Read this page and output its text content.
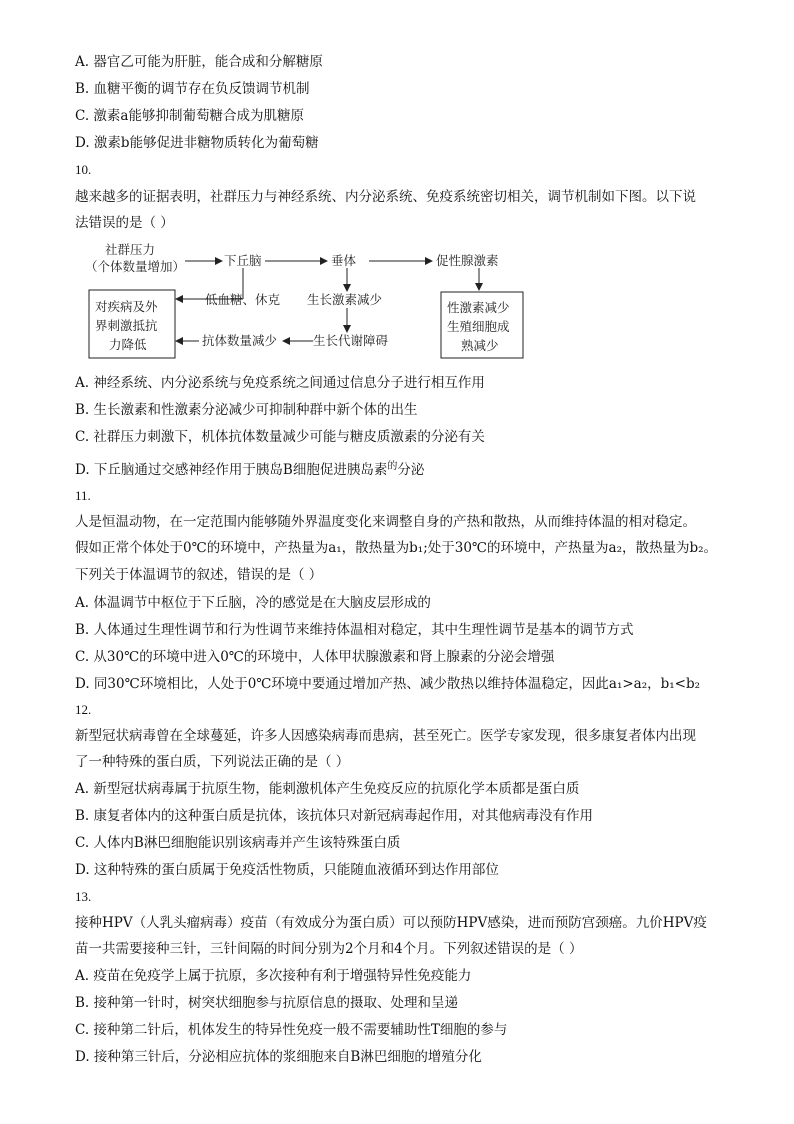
A. 器官乙可能为肝脏，能合成和分解糖原
B. 血糖平衡的调节存在负反馈调节机制
C. 激素a能够抑制葡萄糖合成为肌糖原
D. 激素b能够促进非糖物质转化为葡萄糖
10.
越来越多的证据表明，社群压力与神经系统、内分泌系统、免疫系统密切相关，调节机制如下图。以下说
法错误的是（ ）
社群压力
（个体数量增加）	下丘脑	垂体	促性腺激素
低血糖、休克 生长激素减少
对疾病及外
界刺激抵抗
力降低	抗体数量减少	生长代谢障碍
性激素减少
生殖细胞成
熟减少
A. 神经系统、内分泌系统与免疫系统之间通过信息分子进行相互作用
B. 生长激素和性激素分泌减少可抑制种群中新个体的出生
C. 社群压力刺激下，机体抗体数量减少可能与糖皮质激素的分泌有关
D. 下丘脑通过交感神经作用于胰岛B细胞促进胰岛素$^的$分泌
11.
人是恒温动物，在一定范围内能够随外界温度变化来调整自身的产热和散热，从而维持体温的相对稳定。
假如正常个体处于0℃的环境中，产热量为a₁，散热量为b₁;处于30℃的环境中，产热量为a₂，散热量为b₂。
下列关于体温调节的叙述，错误的是（ ）
A. 体温调节中枢位于下丘脑，冷的感觉是在大脑皮层形成的
B. 人体通过生理性调节和行为性调节来维持体温相对稳定，其中生理性调节是基本的调节方式
C. 从30℃的环境中进入0℃的环境中，人体甲状腺激素和肾上腺素的分泌会增强
D. 同30℃环境相比，人处于0℃环境中要通过增加产热、减少散热以维持体温稳定，因此a₁>a₂，b₁<b₂
12.
新型冠状病毒曾在全球蔓延，许多人因感染病毒而患病，甚至死亡。医学专家发现，很多康复者体内出现
了一种特殊的蛋白质，下列说法正确的是（ ）
A. 新型冠状病毒属于抗原生物，能刺激机体产生免疫反应的抗原化学本质都是蛋白质
B. 康复者体内的这种蛋白质是抗体，该抗体只对新冠病毒起作用，对其他病毒没有作用
C. 人体内B淋巴细胞能识别该病毒并产生该特殊蛋白质
D. 这种特殊的蛋白质属于免疫活性物质，只能随血液循环到达作用部位
13.
接种HPV（人乳头瘤病毒）疫苗（有效成分为蛋白质）可以预防HPV感染，进而预防宫颈癌。九价HPV疫
苗一共需要接种三针，三针间隔的时间分别为2个月和4个月。下列叙述错误的是（ ）
A. 疫苗在免疫学上属于抗原，多次接种有利于增强特异性免疫能力
B. 接种第一针时，树突状细胞参与抗原信息的摄取、处理和呈递
C. 接种第二针后，机体发生的特异性免疫一般不需要辅助性T细胞的参与
D. 接种第三针后，分泌相应抗体的浆细胞来自B淋巴细胞的增殖分化
